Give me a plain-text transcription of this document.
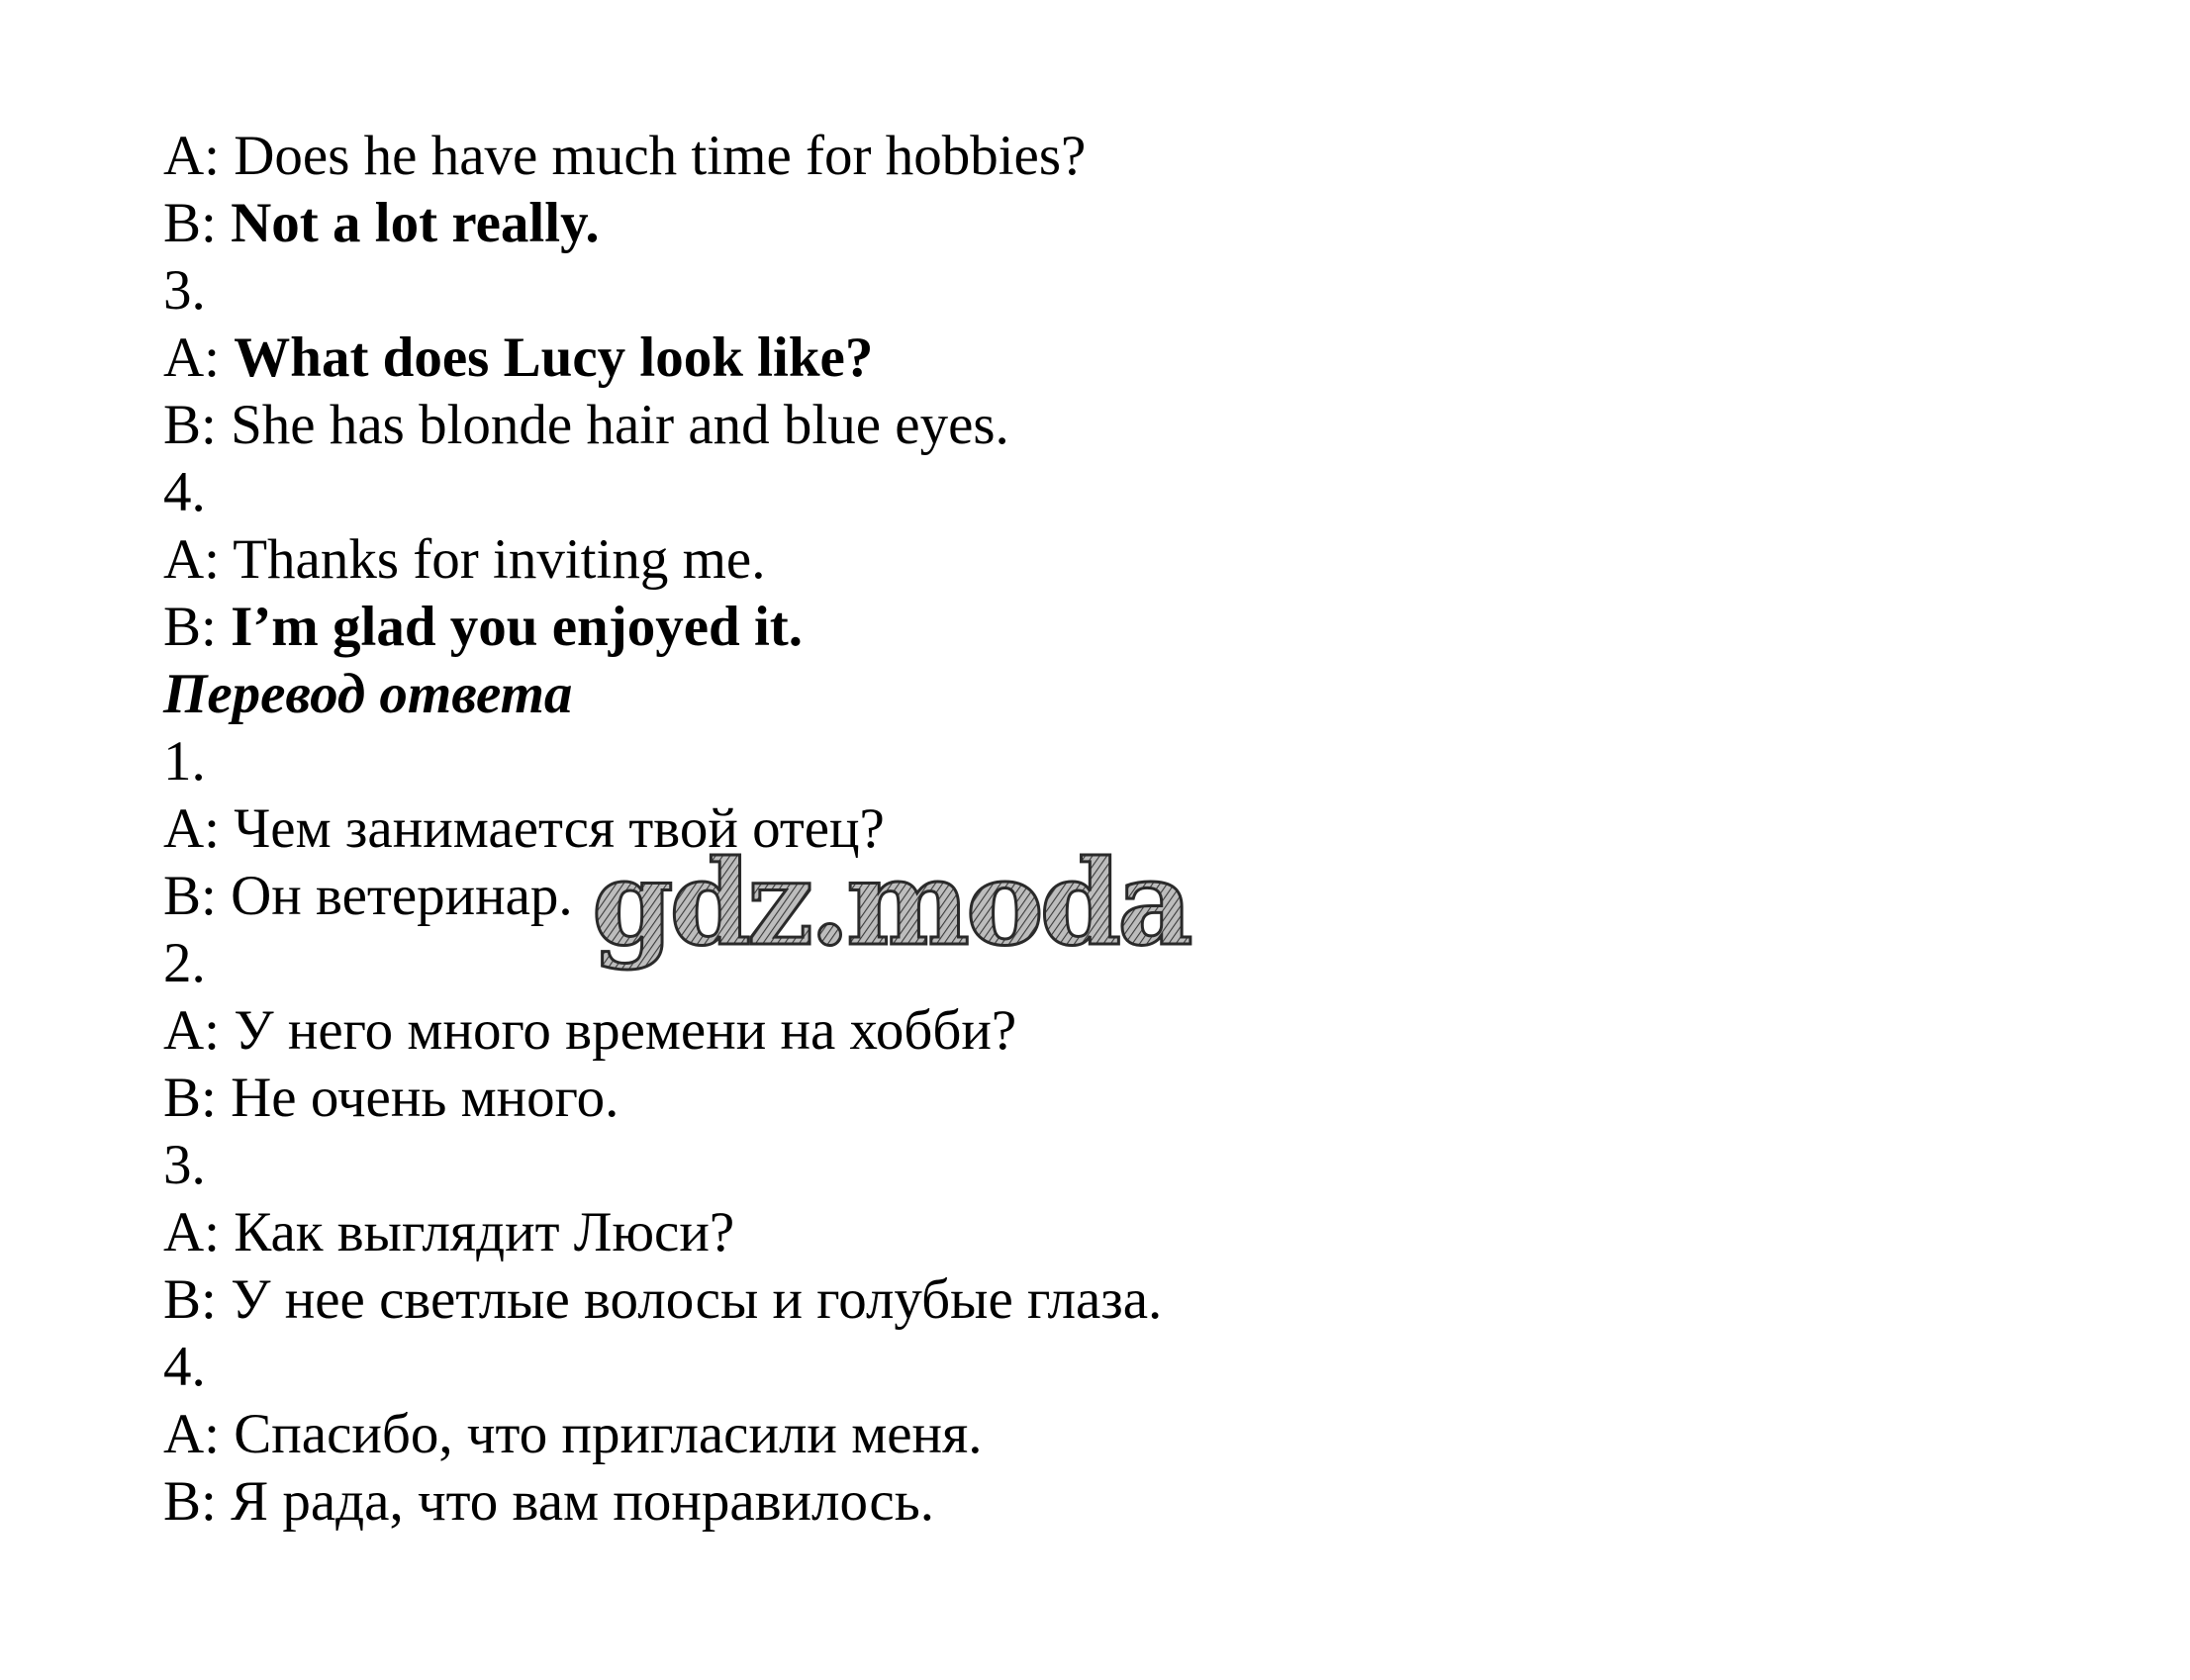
A: Does he have much time for hobbies?
B: Not a lot really.
3.
A: What does Lucy look like?
B: She has blonde hair and blue eyes.
4.
A: Thanks for inviting me.
B: I’m glad you enjoyed it.
Перевод ответа
1.
А: Чем занимается твой отец?
В: Он ветеринар.
2.
А: У него много времени на хобби?
В: Не очень много.
3.
А: Как выглядит Люси?
В: У нее светлые волосы и голубые глаза.
4.
А: Спасибо, что пригласили меня.
В: Я рада, что вам понравилось.
gdz.moda
